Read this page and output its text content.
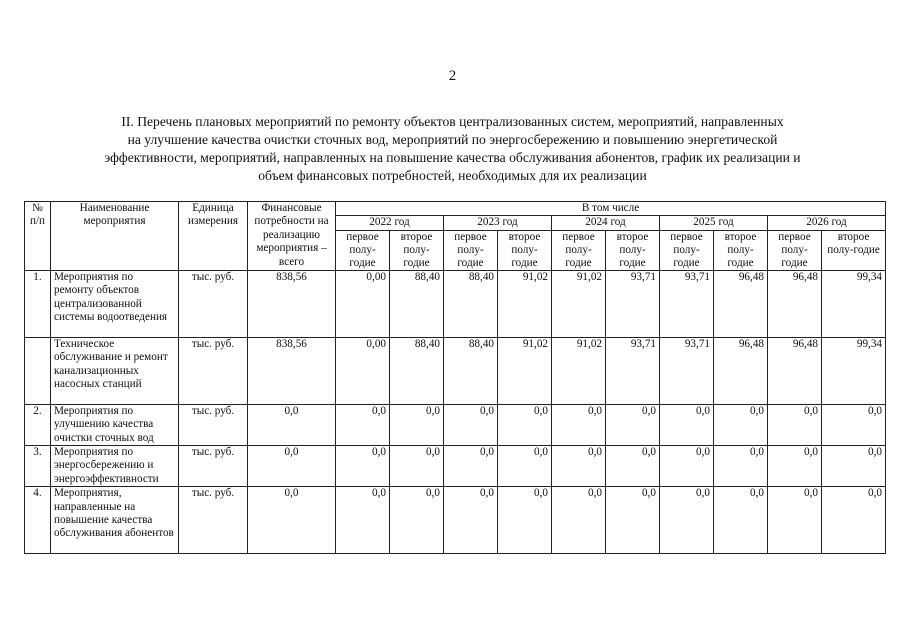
2
II. Перечень плановых мероприятий по ремонту объектов централизованных систем, мероприятий, направленных
на улучшение качества очистки сточных вод, мероприятий по энергосбережению и повышению энергетической
эффективности, мероприятий, направленных на повышение качества обслуживания абонентов, график их реализации и
объем финансовых потребностей, необходимых для их реализации
№ п/п	Наименование мероприятия	Единица измерения	Финансовые потребности на реализацию мероприятия – всего	В том числе									
				2022 год		2023 год		2024 год		2025 год		2026 год	
				первое полу-годие	второе полу-годие	первое полу-годие	второе полу-годие	первое полу-годие	второе полу-годие	первое полу-годие	второе полу-годие	первое полу-годие	второе полу-годие
1.	Мероприятия по ремонту объектов централизованной системы водоотведения	тыс. руб.	838,56	0,00	88,40	88,40	91,02	91,02	93,71	93,71	96,48	96,48	99,34
	Техническое обслуживание и ремонт канализационных насосных станций	тыс. руб.	838,56	0,00	88,40	88,40	91,02	91,02	93,71	93,71	96,48	96,48	99,34
2.	Мероприятия по улучшению качества очистки сточных вод	тыс. руб.	0,0	0,0	0,0	0,0	0,0	0,0	0,0	0,0	0,0	0,0	0,0
3.	Мероприятия по энергосбережению и энергоэффективности	тыс. руб.	0,0	0,0	0,0	0,0	0,0	0,0	0,0	0,0	0,0	0,0	0,0
4.	Мероприятия, направленные на повышение качества обслуживания абонентов	тыс. руб.	0,0	0,0	0,0	0,0	0,0	0,0	0,0	0,0	0,0	0,0	0,0
